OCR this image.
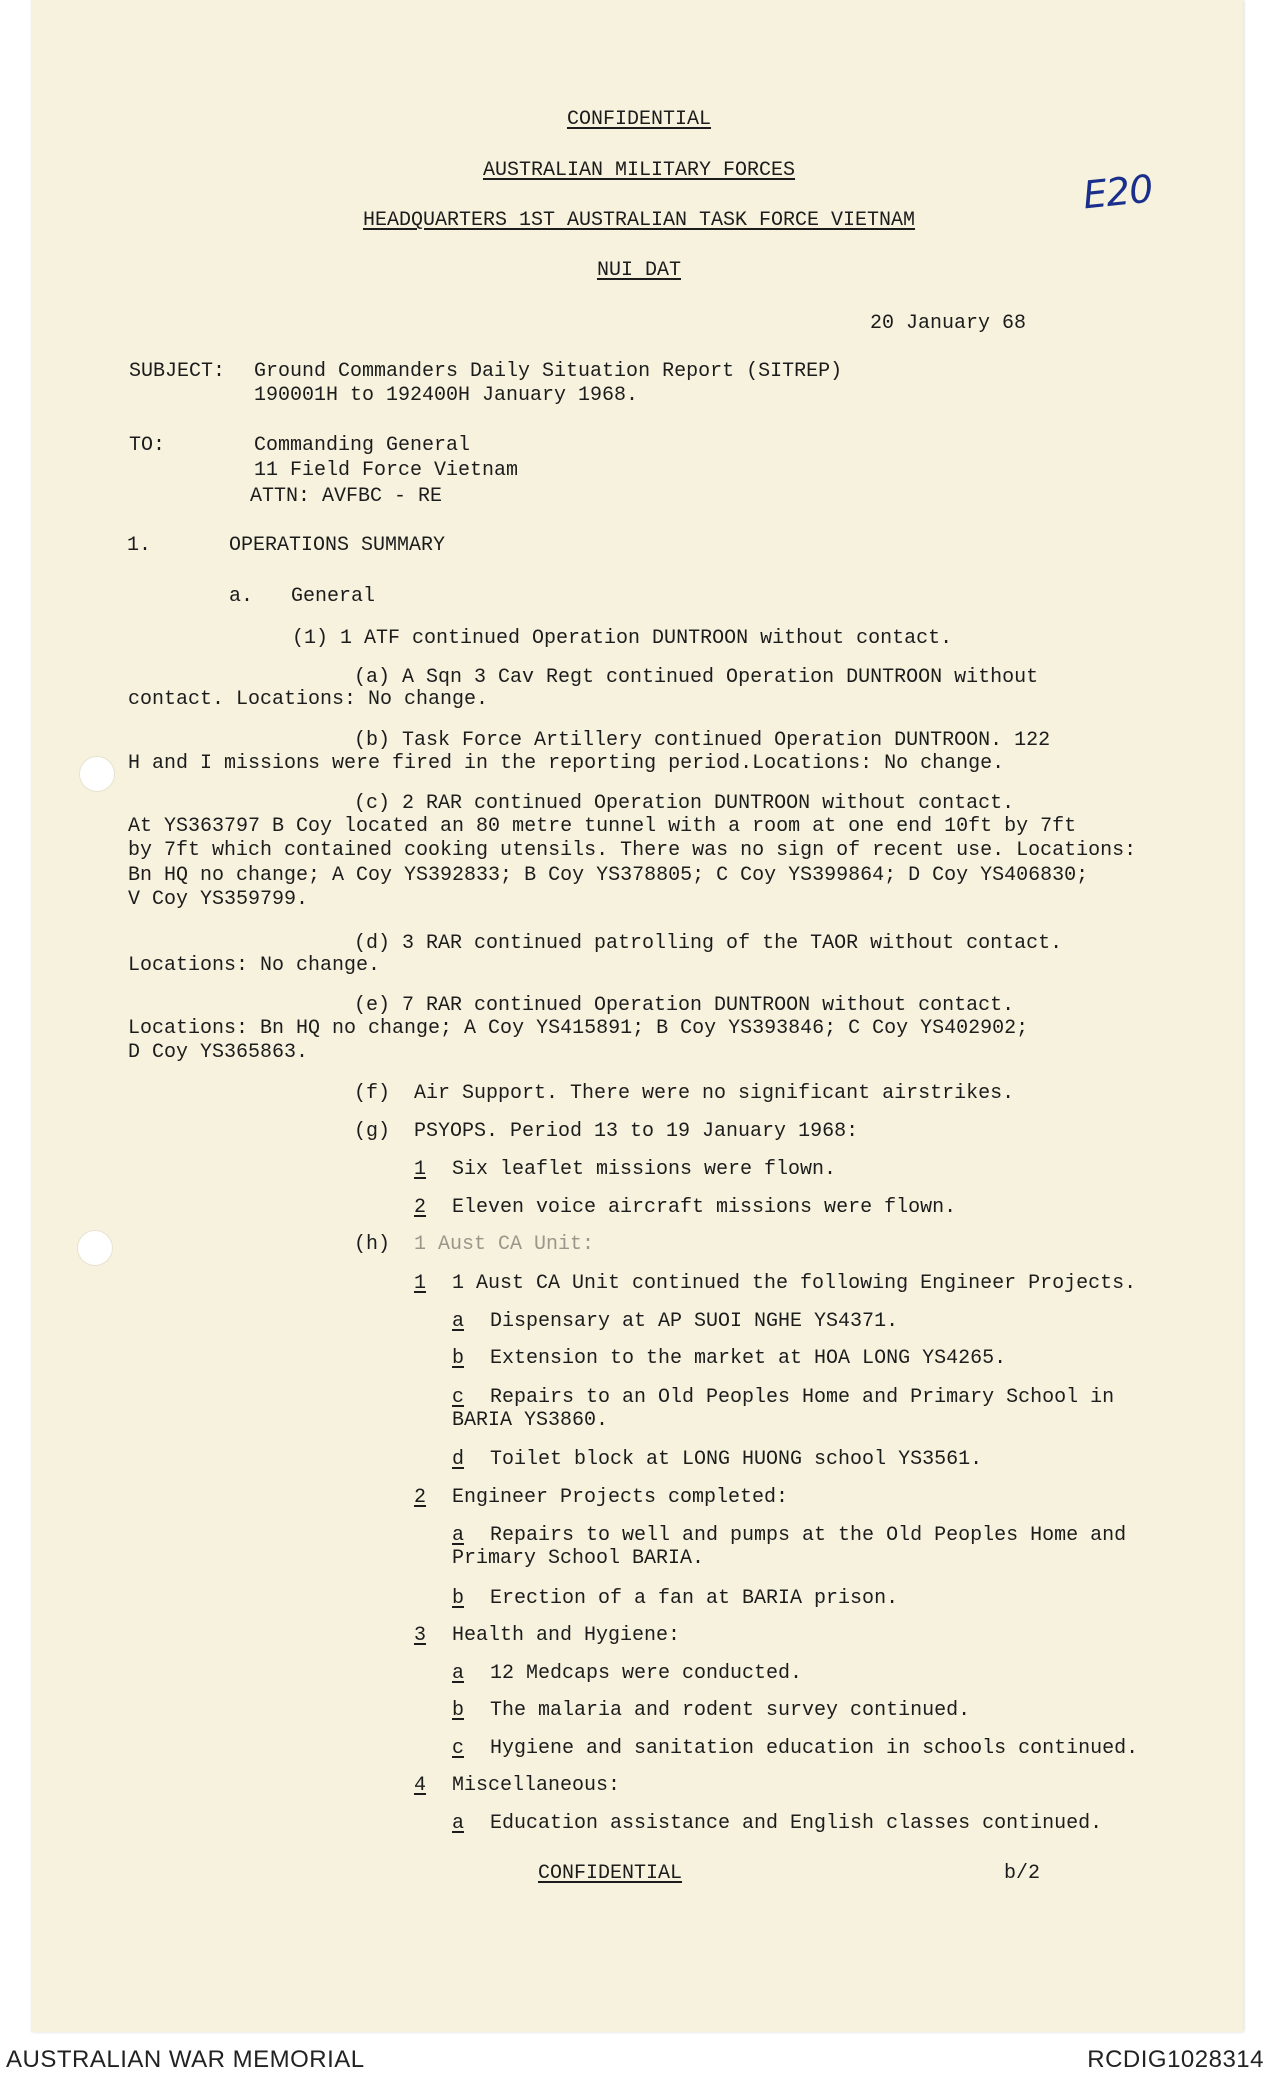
CONFIDENTIAL
AUSTRALIAN MILITARY FORCES
HEADQUARTERS 1ST AUSTRALIAN TASK FORCE VIETNAM
NUI DAT
E20
20 January 68
SUBJECT: Ground Commanders Daily Situation Report (SITREP)
190001H to 192400H January 1968.
TO:	Commanding General
11 Field Force Vietnam
ATTN: AVFBC - RE
1.	OPERATIONS SUMMARY
a. General
(1) 1 ATF continued Operation DUNTROON without contact.
(a) A Sqn 3 Cav Regt continued Operation DUNTROON without
contact. Locations: No change.
(b) Task Force Artillery continued Operation DUNTROON. 122
H and I missions were fired in the reporting period.Locations: No change.
(c) 2 RAR continued Operation DUNTROON without contact.
At YS363797 B Coy located an 80 metre tunnel with a room at one end 10ft by 7ft
by 7ft which contained cooking utensils. There was no sign of recent use. Locations:
Bn HQ no change; A Coy YS392833; B Coy YS378805; C Coy YS399864; D Coy YS406830;
V Coy YS359799.
(d) 3 RAR continued patrolling of the TAOR without contact.
Locations: No change.
(e) 7 RAR continued Operation DUNTROON without contact.
Locations: Bn HQ no change; A Coy YS415891; B Coy YS393846; C Coy YS402902;
D Coy YS365863.
(f) Air Support. There were no significant airstrikes.
(g) PSYOPS. Period 13 to 19 January 1968:
1 Six leaflet missions were flown.
2 Eleven voice aircraft missions were flown.
(h) 1 Aust CA Unit:
1 1 Aust CA Unit continued the following Engineer Projects.
a Dispensary at AP SUOI NGHE YS4371.
b Extension to the market at HOA LONG YS4265.
c Repairs to an Old Peoples Home and Primary School in
BARIA YS3860.
d Toilet block at LONG HUONG school YS3561.
2 Engineer Projects completed:
a Repairs to well and pumps at the Old Peoples Home and
Primary School BARIA.
b Erection of a fan at BARIA prison.
3 Health and Hygiene:
a 12 Medcaps were conducted.
b The malaria and rodent survey continued.
c Hygiene and sanitation education in schools continued.
4 Miscellaneous:
a Education assistance and English classes continued.
CONFIDENTIAL	b/2
AUSTRALIAN WAR MEMORIAL	RCDIG1028314
